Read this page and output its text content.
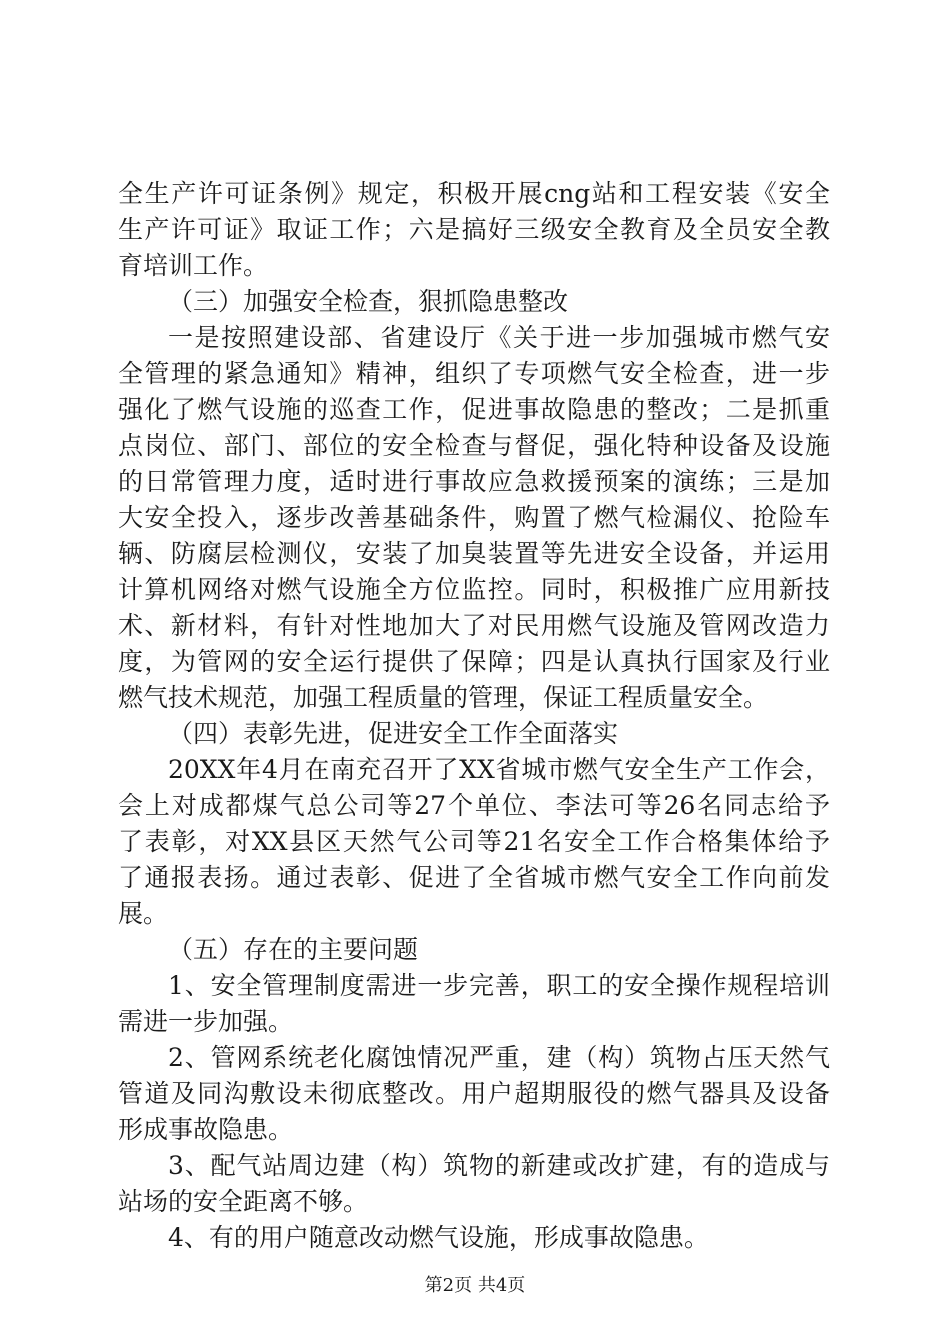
全生产许可证条例》规定，积极开展cng站和工程安装《安全
生产许可证》取证工作；六是搞好三级安全教育及全员安全教
育培训工作。
（三）加强安全检查，狠抓隐患整改
一是按照建设部、省建设厅《关于进一步加强城市燃气安
全管理的紧急通知》精神，组织了专项燃气安全检查，进一步
强化了燃气设施的巡查工作，促进事故隐患的整改；二是抓重
点岗位、部门、部位的安全检查与督促，强化特种设备及设施
的日常管理力度，适时进行事故应急救援预案的演练；三是加
大安全投入，逐步改善基础条件，购置了燃气检漏仪、抢险车
辆、防腐层检测仪，安装了加臭装置等先进安全设备，并运用
计算机网络对燃气设施全方位监控。同时，积极推广应用新技
术、新材料，有针对性地加大了对民用燃气设施及管网改造力
度，为管网的安全运行提供了保障；四是认真执行国家及行业
燃气技术规范，加强工程质量的管理，保证工程质量安全。
（四）表彰先进，促进安全工作全面落实
20XX年4月在南充召开了XX省城市燃气安全生产工作会，
会上对成都煤气总公司等27个单位、李法可等26名同志给予
了表彰，对XX县区天然气公司等21名安全工作合格集体给予
了通报表扬。通过表彰、促进了全省城市燃气安全工作向前发
展。
（五）存在的主要问题
1、安全管理制度需进一步完善，职工的安全操作规程培训
需进一步加强。
2、管网系统老化腐蚀情况严重，建（构）筑物占压天然气
管道及同沟敷设未彻底整改。用户超期服役的燃气器具及设备
形成事故隐患。
3、配气站周边建（构）筑物的新建或改扩建，有的造成与
站场的安全距离不够。
4、有的用户随意改动燃气设施，形成事故隐患。
第2页 共4页
